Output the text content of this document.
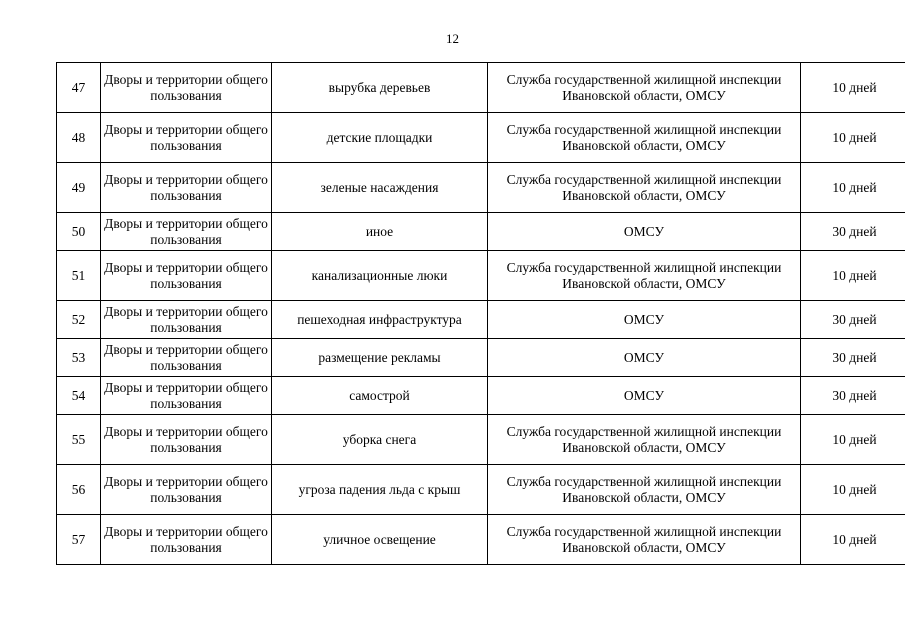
12
47	Дворы и территории общего пользования	вырубка деревьев	Служба государственной жилищной инспекции Ивановской области, ОМСУ	10 дней
48	Дворы и территории общего пользования	детские площадки	Служба государственной жилищной инспекции Ивановской области, ОМСУ	10 дней
49	Дворы и территории общего пользования	зеленые насаждения	Служба государственной жилищной инспекции Ивановской области, ОМСУ	10 дней
50	Дворы и территории общего пользования	иное	ОМСУ	30 дней
51	Дворы и территории общего пользования	канализационные люки	Служба государственной жилищной инспекции Ивановской области, ОМСУ	10 дней
52	Дворы и территории общего пользования	пешеходная инфраструктура	ОМСУ	30 дней
53	Дворы и территории общего пользования	размещение рекламы	ОМСУ	30 дней
54	Дворы и территории общего пользования	самострой	ОМСУ	30 дней
55	Дворы и территории общего пользования	уборка снега	Служба государственной жилищной инспекции Ивановской области, ОМСУ	10 дней
56	Дворы и территории общего пользования	угроза падения льда с крыш	Служба государственной жилищной инспекции Ивановской области, ОМСУ	10 дней
57	Дворы и территории общего пользования	уличное освещение	Служба государственной жилищной инспекции Ивановской области, ОМСУ	10 дней
